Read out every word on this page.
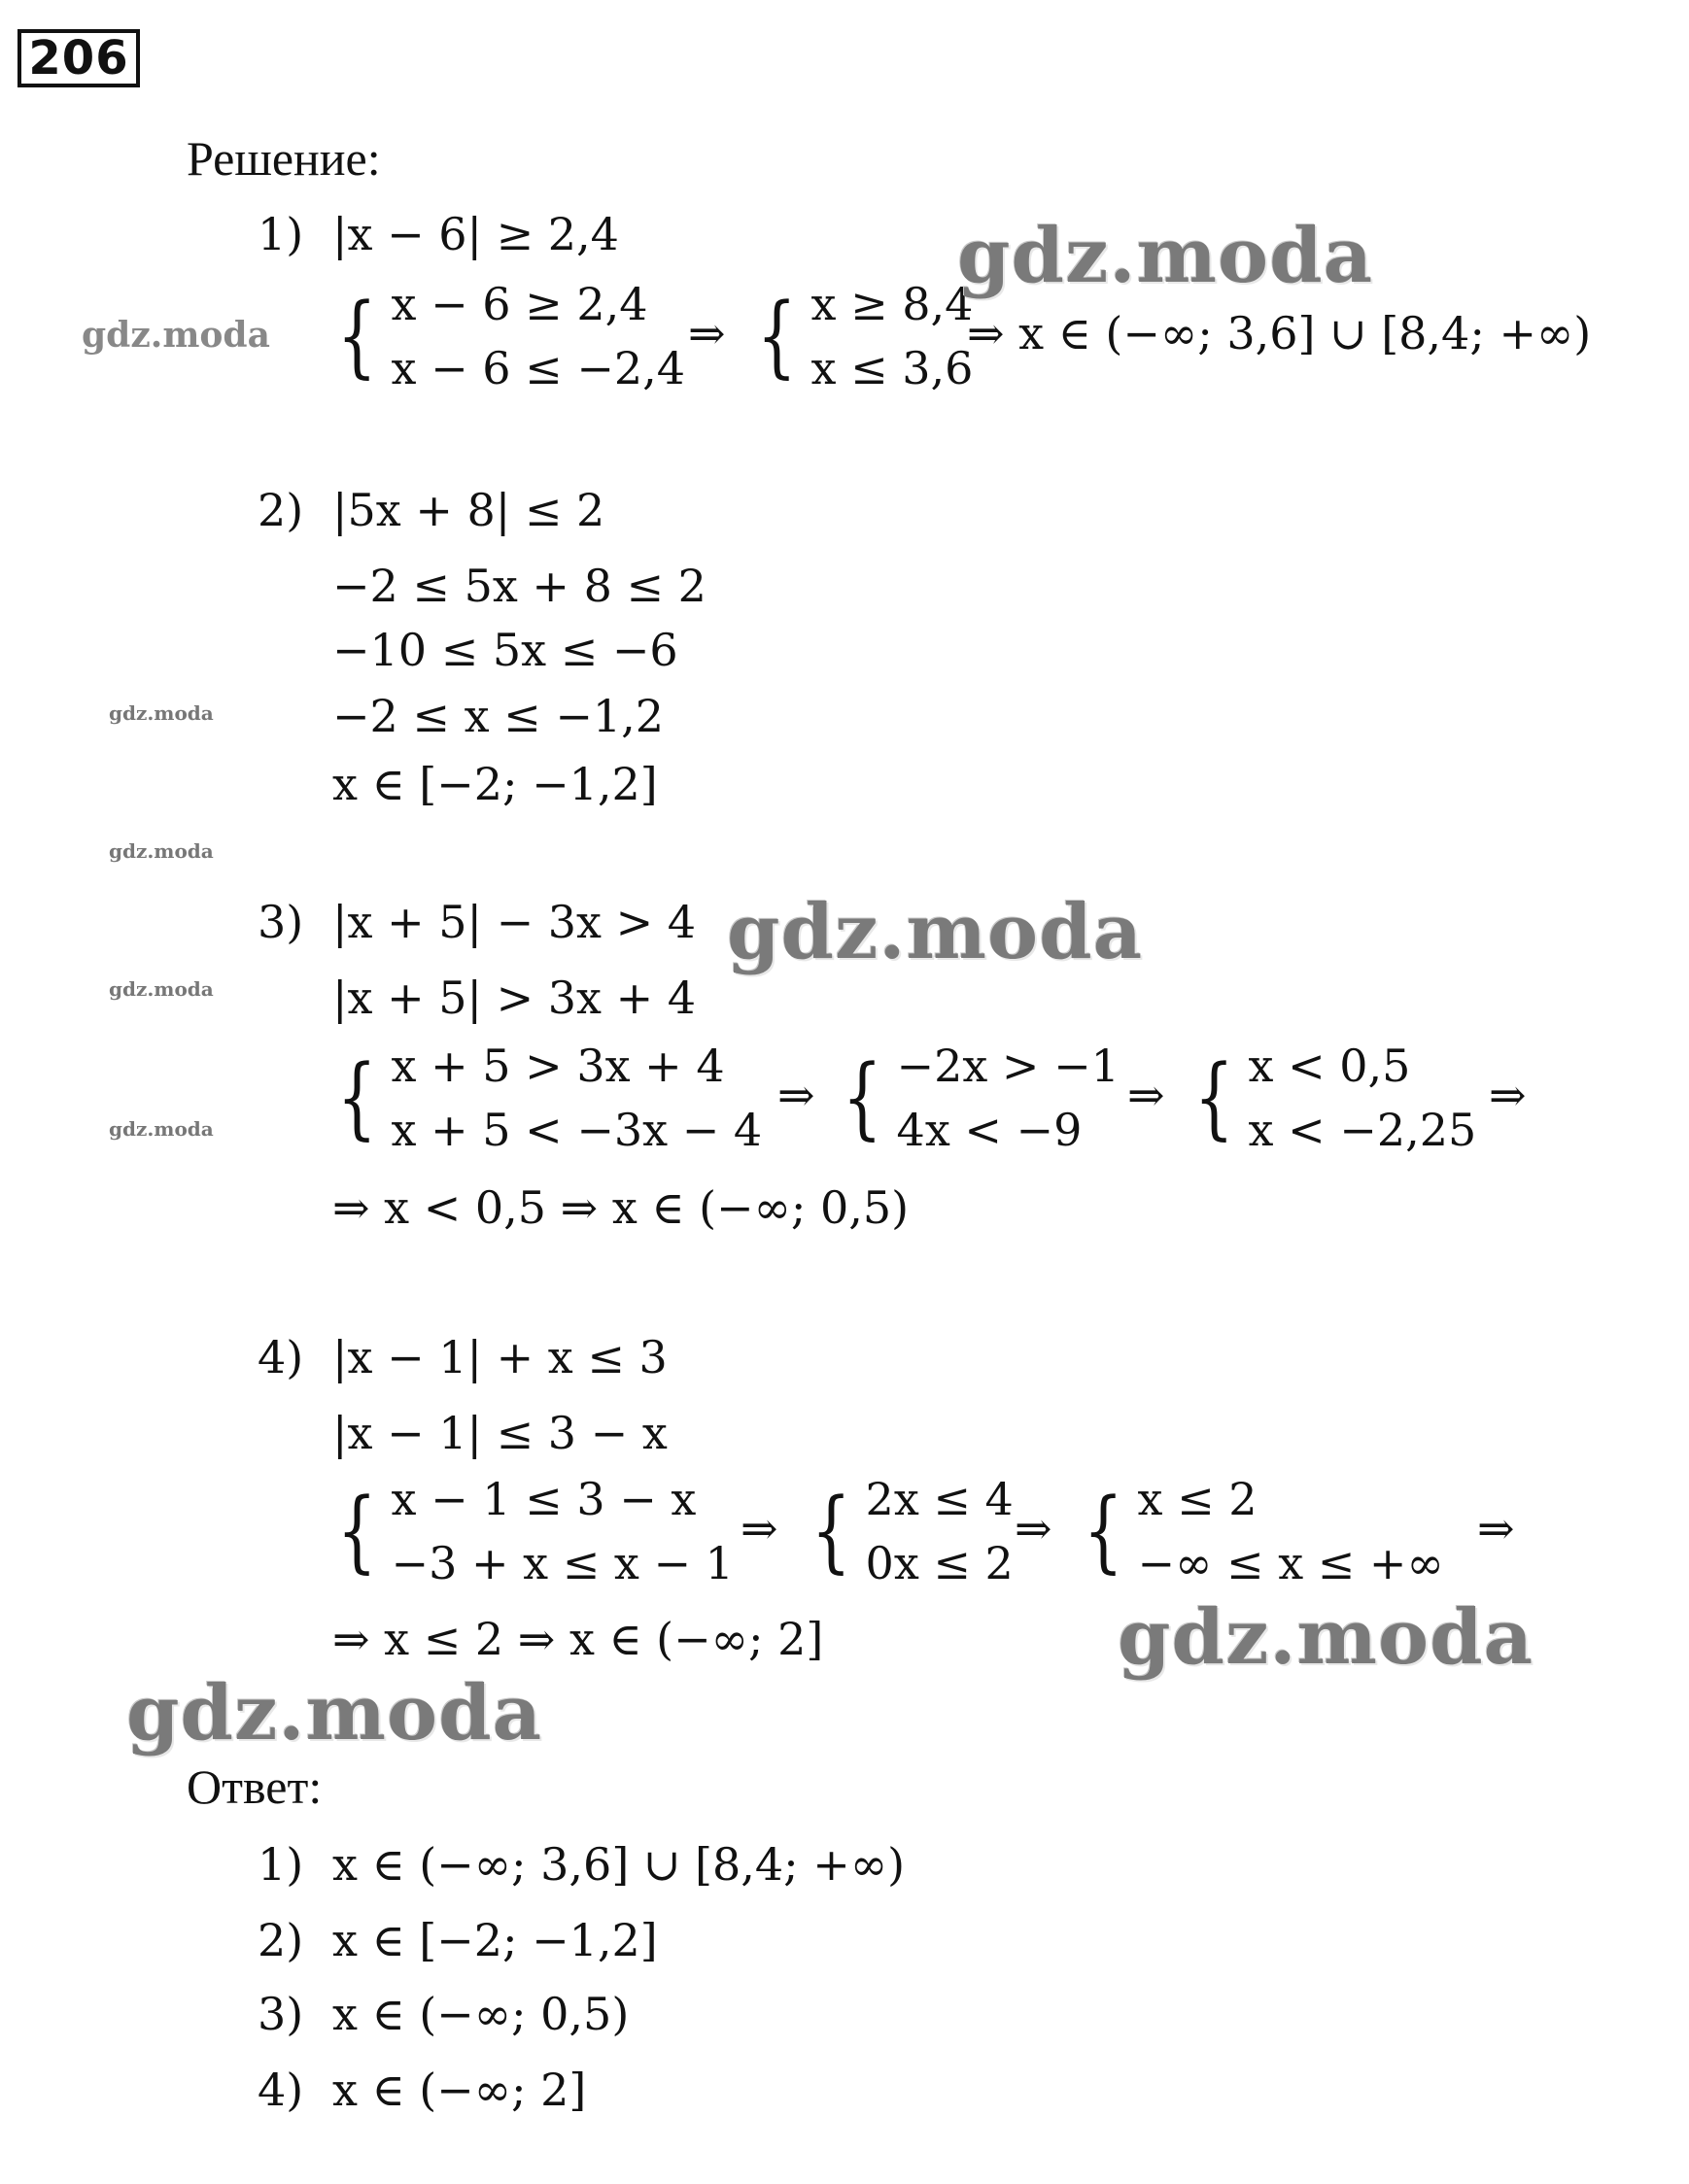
206
Решение:
1) |x − 6| ≥ 2,4
{ x − 6 ≥ 2,4
x − 6 ≤ −2,4
⇒ { x ≥ 8,4
x ≤ 3,6
⇒ x ∈ (−∞; 3,6] ∪ [8,4; +∞)
2) |5x + 8| ≤ 2
−2 ≤ 5x + 8 ≤ 2
−10 ≤ 5x ≤ −6
−2 ≤ x ≤ −1,2
x ∈ [−2; −1,2]
3) |x + 5| − 3x > 4
|x + 5| > 3x + 4
{ x + 5 > 3x + 4
x + 5 < −3x − 4
⇒ { −2x > −1
4x < −9
⇒ { x < 0,5
x < −2,25
⇒
⇒ x < 0,5 ⇒ x ∈ (−∞; 0,5)
4) |x − 1| + x ≤ 3
|x − 1| ≤ 3 − x
{ x − 1 ≤ 3 − x
−3 + x ≤ x − 1
⇒ { 2x ≤ 4
0x ≤ 2
⇒ { x ≤ 2
−∞ ≤ x ≤ +∞
⇒
⇒ x ≤ 2 ⇒ x ∈ (−∞; 2]
Ответ:
1) x ∈ (−∞; 3,6] ∪ [8,4; +∞)
2) x ∈ [−2; −1,2]
3) x ∈ (−∞; 0,5)
4) x ∈ (−∞; 2]
gdz.moda
gdz.moda
gdz.moda
gdz.moda
gdz.moda
gdz.moda
gdz.moda
gdz.moda
gdz.moda
